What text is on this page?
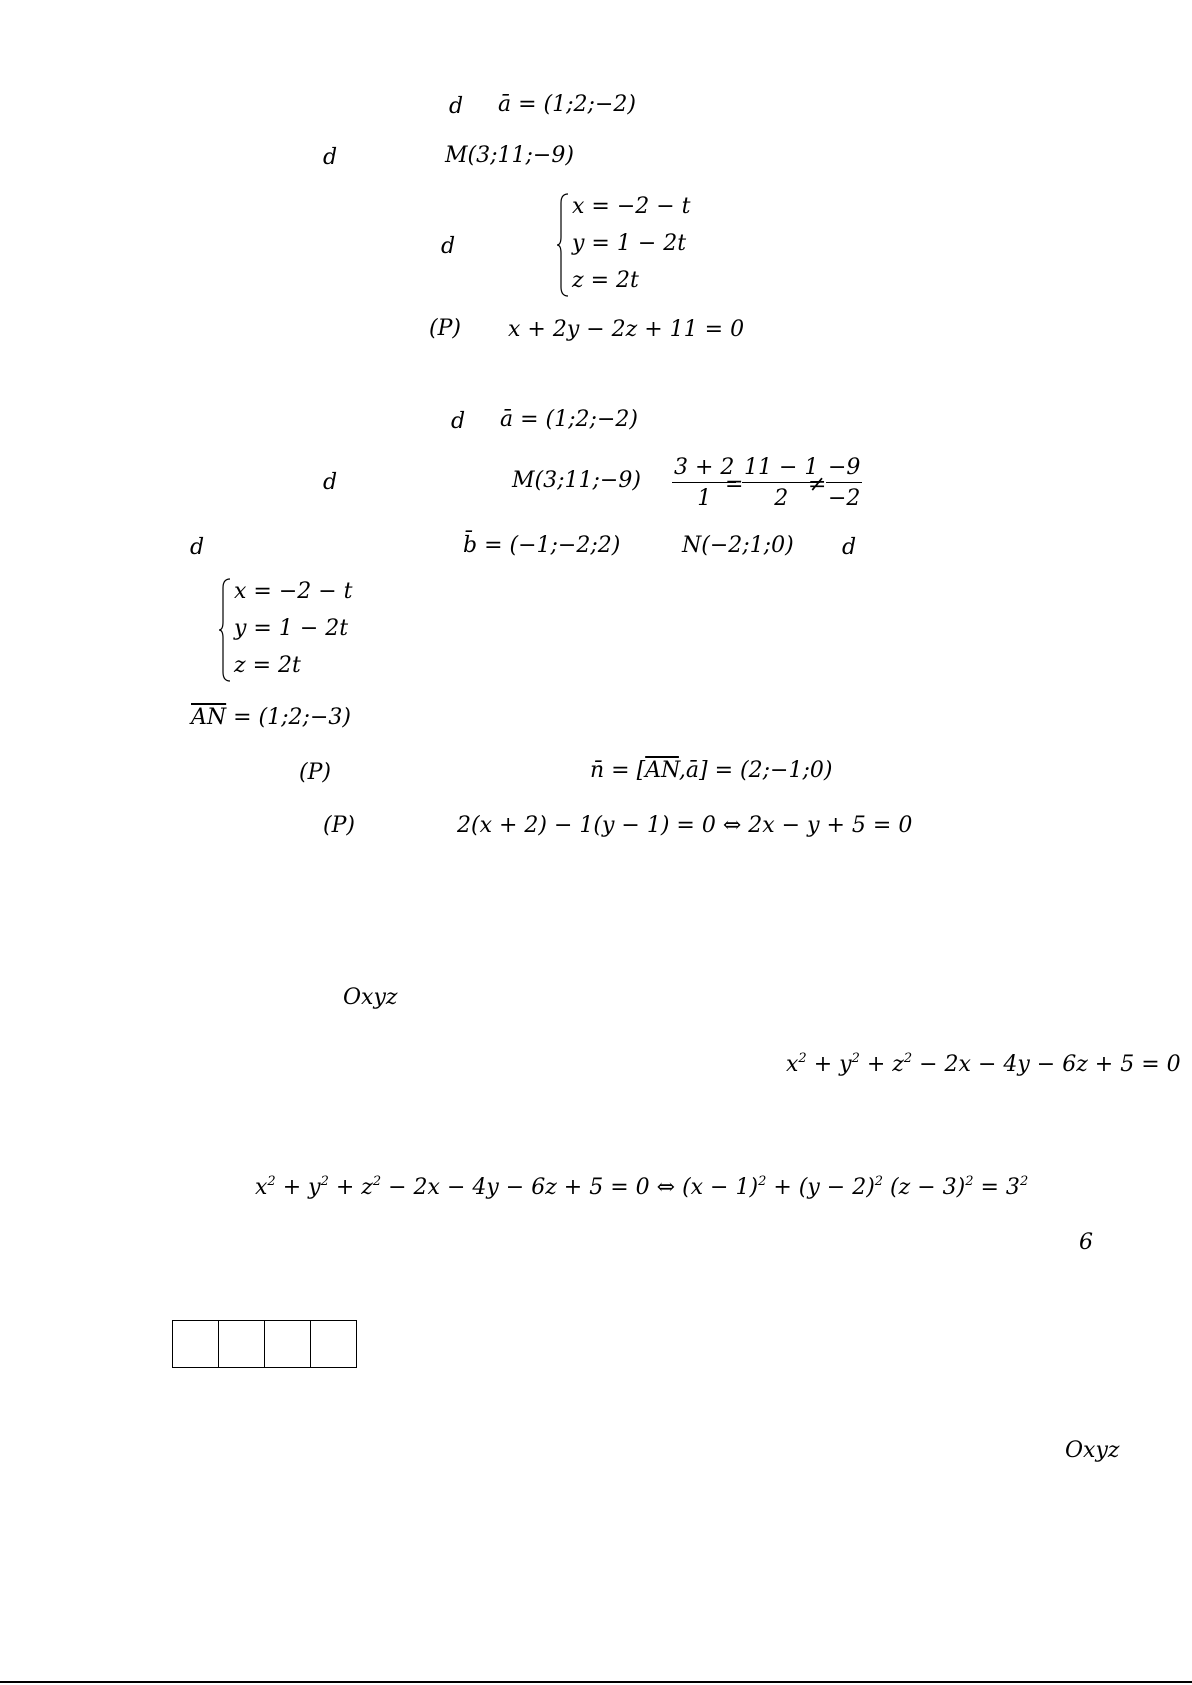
d ā = (1;2;−2)
d	M(3;11;−9)
d
x = −2 − t
y = 1 − 2t
z = 2t
(P) x + 2y − 2z + 11 = 0
d ā = (1;2;−2)
d	M(3;11;−9) $\frac{3 + 2}{1}$
=
$\frac{11 - 1}{2}$
≠ $\frac{-9}{-2}$
d	b̄ = (−1;−2;2)	N(−2;1;0) d
x = −2 − t
y = 1 − 2t
z = 2t
$\overline{AN}$ = (1;2;−3)
(P)	n̄ = $[\overline{AN},ā]$ = (2;−1;0)
(P)	2(x + 2) − 1(y − 1) = 0 ⇔ 2x − y + 5 = 0
Oxyz
$x^2 + y^2 + z^2 - 2x - 4y - 6z + 5 = 0$
$x^2 + y^2 + z^2 - 2x - 4y - 6z + 5 = 0$ ⇔ $(x - 1)^2 + (y - 2)^2$ $(z - 3)^2 = 3^2$
6
Oxyz
